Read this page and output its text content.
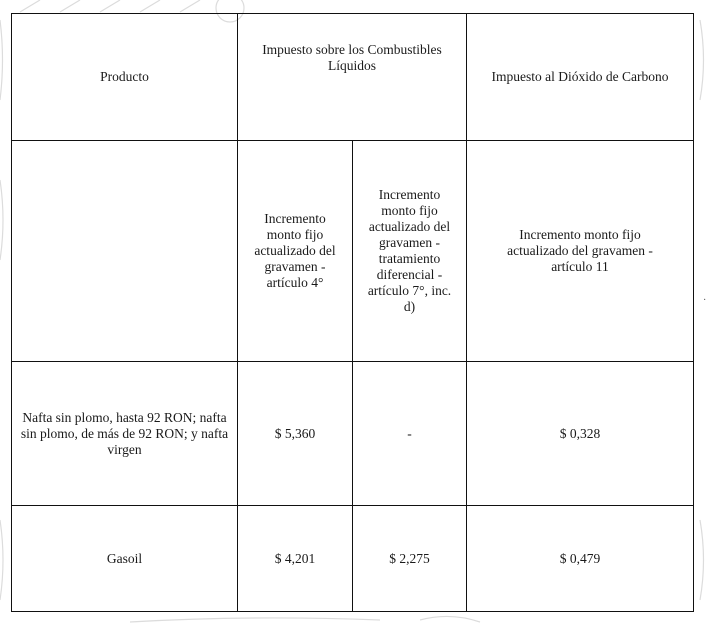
Producto	Impuesto sobre los Combustibles Líquidos		Impuesto al Dióxido de Carbono
	Incremento monto fijo actualizado del gravamen - artículo 4°	Incremento monto fijo actualizado del gravamen - tratamiento diferencial - artículo 7°, inc. d)	Incremento monto fijo actualizado del gravamen - artículo 11
Nafta sin plomo, hasta 92 RON; nafta sin plomo, de más de 92 RON; y nafta virgen	$ 5,360	-	$ 0,328
Gasoil	$ 4,201	$ 2,275	$ 0,479
·
